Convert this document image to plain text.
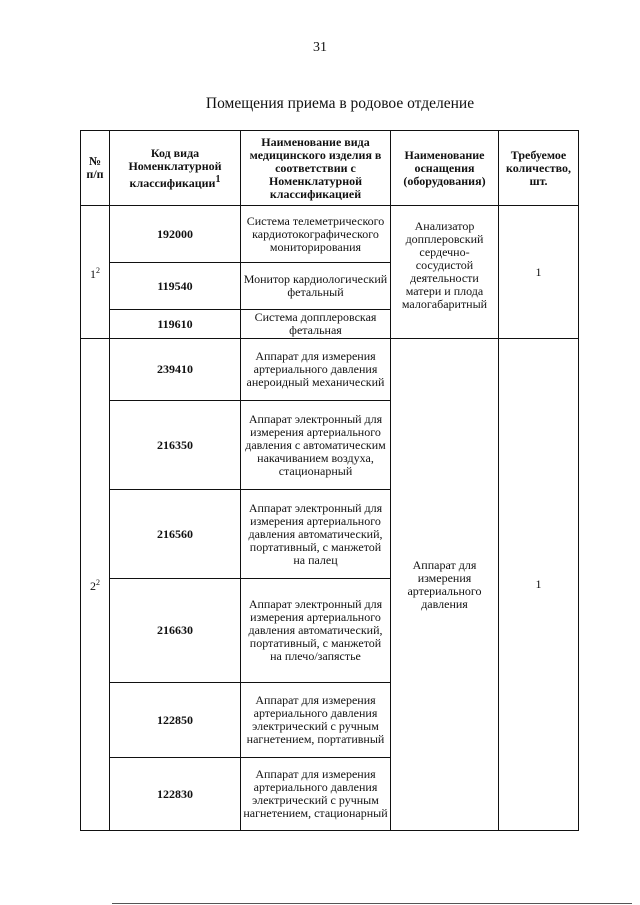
31
Помещения приема в родовое отделение
№ п/п	Код вида Номенклатурной классификации$^1$	Наименование вида медицинского изделия в соответствии с Номенклатурной классификацией	Наименование оснащения (оборудования)	Требуемое количество, шт.
$1^2$	192000	Система телеметрического кардиотокографического мониторирования	Анализатор допплеровский сердечно-сосудистой деятельности матери и плода малогабаритный	1
	119540	Монитор кардиологический фетальный		
	119610	Система допплеровская фетальная		
$2^2$	239410	Аппарат для измерения артериального давления анероидный механический	Аппарат для измерения артериального давления	1
	216350	Аппарат электронный для измерения артериального давления с автоматическим накачиванием воздуха, стационарный		
	216560	Аппарат электронный для измерения артериального давления автоматический, портативный, с манжетой на палец		
	216630	Аппарат электронный для измерения артериального давления автоматический, портативный, с манжетой на плечо/запястье		
	122850	Аппарат для измерения артериального давления электрический с ручным нагнетением, портативный		
	122830	Аппарат для измерения артериального давления электрический с ручным нагнетением, стационарный		
